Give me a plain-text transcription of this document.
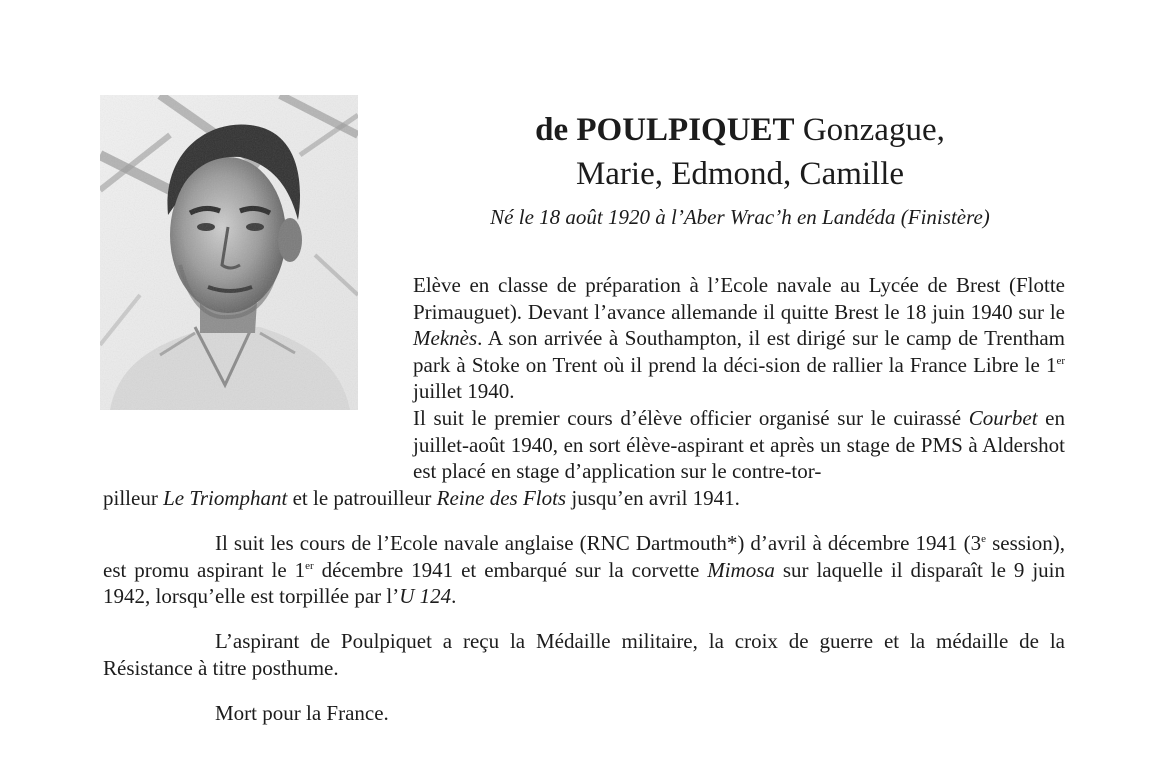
de POULPIQUET Gonzague,
Marie, Edmond, Camille
Né le 18 août 1920 à l’Aber Wrac’h en Landéda (Finistère)
Elève en classe de préparation à l’Ecole navale au Lycée de Brest (Flotte Primauguet). Devant l’avance allemande il quitte Brest le 18 juin 1940 sur le Meknès. A son arrivée à Southampton, il est dirigé sur le camp de Trentham park à Stoke on Trent où il prend la déci-sion de rallier la France Libre le 1er juillet 1940.
Il suit le premier cours d’élève officier organisé sur le cuirassé Courbet en juillet-août 1940, en sort élève-aspirant et après un stage de PMS à Aldershot est placé en stage d’application sur le contre-tor-
pilleur Le Triomphant et le patrouilleur Reine des Flots jusqu’en avril 1941.
Il suit les cours de l’Ecole navale anglaise (RNC Dartmouth*) d’avril à décembre 1941 (3e session), est promu aspirant le 1er décembre 1941 et embarqué sur la corvette Mimosa sur laquelle il disparaît le 9 juin 1942, lorsqu’elle est torpillée par l’U 124.
L’aspirant de Poulpiquet a reçu la Médaille militaire, la croix de guerre et la médaille de la Résistance à titre posthume.
Mort pour la France.
